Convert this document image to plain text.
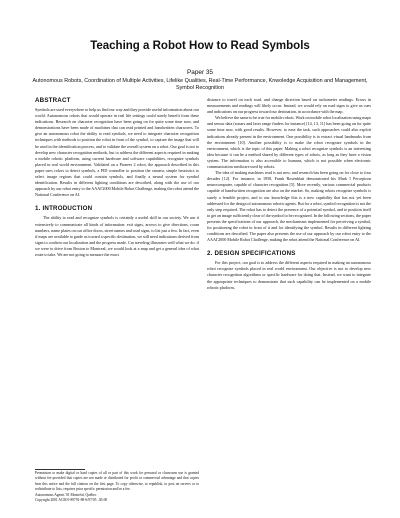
Teaching a Robot How to Read Symbols
Paper 35
Autonomous Robots, Coordination of Multiple Activities, Lifelike Qualities, Real-Time Performance, Knwoledge Acquisition and Management, Symbol Recognition

ABSTRACT

Symbols are used everywhere to help us find our way and they provide useful information about our world. Autonomous robots that would operate in real life settings could surely benefit from these indications. Research on character recognition have been going on for quite some time now, and demonstrations have been made of machines that can read printed and handwritten characters. To give an autonomous robot the ability to read symbols, we need to integrate character recognition techniques with methods to position the robot in front of the symbol, to capture the image that will be used in the identification process, and to validate the overall system on a robot. Our goal is not to develop new character recognition methods, but to address the different aspects required in making a mobile robotic platform, using current hardware and software capabilities, recognize symbols placed in real world environment. Validated on a Pioneer 2 robot, the approach described in this paper uses colors to detect symbols, a PID controller to position the camera, simple heuristics to select image regions that could contain symbols, and finally a neural system for symbol identification. Results in different lighting conditions are described, along with the use of our approach by our robot entry to the AAAI'2000 Mobile Robot Challenge, making the robot attend the National Conference on AI.

1. INTRODUCTION

The ability to read and recognize symbols is certainly a useful skill in our society. We use it extensively to communicate all kinds of information: exit signs, arrows to give directions, room numbers, name plates on our office doors, street names and road signs, to list just a few. In fact, even if maps are available to guide us toward a specific destination, we still need indications derived from signs to confirm our localization and the progress made. Car traveling illustrates well what we do: if we were to drive from Boston to Montreal, we would look at a map and get a general idea of what route to take. We are not going to measure the exact

Permission to make digital or hard copies of all or part of this work for personal or classroom use is granted without fee provided that copies are not made or distributed for profit or commercial advantage and that copies bear this notice and the full citation on the first page. To copy otherwise, to republish, to post on servers or to redistribute to lists, requires prior specific permission and/or a fee.
Autonomous Agents '01 Montréal, Québec
Copyright 2001 ACM 0-89791-88-6/97/05 ..$5.00

distance to travel on each road, and change direction based on tachometer readings. Errors in measurements and readings will likely occur. Instead, we would rely on road signs to give us cues and indications on our progress toward our destination, in accordance with the map.

We believe the same to be true for mobile robots. Work on mobile robot localization using maps and sensor data (sonars and laser range finders for instance) [14, 13, 11] has been going on for quite some time now, with good results. However, to ease the task, such approaches could also exploit indications already present in the environment. One possibility is to extract visual landmarks from the environment [10]. Another possibility is to make the robot recognize symbols in the environment, which is the topic of this paper. Making a robot recognize symbols is an interesting idea because it can be a method shared by different types of robots, as long as they have a vision system. The information is also accessible to humans, which is not possible when electronic communication media are used by robots.

The idea of making machines read is not new, and research has been going on for close to four decades [12]. For instance, in 1958, Frank Rosenblatt demonstrated his Mark I Perceptron neurocomputer, capable of character recognition [5]. More recently, various commercial products capable of handwritten recognition are also on the market. So, making robots recognize symbols is surely a feasible project, and to our knowledge this is a new capability that has not yet been addressed for the design of autonomous robotic agents. But for a robot, symbol recognition is not the only step required. The robot has to detect the presence of a potential symbol, and to position itself to get an image sufficiently clear of the symbol to be recognized. In the following sections, the paper presents the specifications of our approach, the mechanisms implemented for perceiving a symbol, for positioning the robot in front of it and for identifying the symbol. Results in different lighting conditions are described. The paper also presents the use of our approach by our robot entry to the AAAI'2000 Mobile Robot Challenge, making the robot attend the National Conference on AI.

2. DESIGN SPECIFICATIONS

For this project, our goal is to address the different aspects required in making an autonomous robot recognize symbols placed in real world environment. Our objective is not to develop new character recognition algorithms or specific hardware for doing that. Instead, we want to integrate the appropriate techniques to demonstrate that such capability can be implemented on a mobile robotic platform,
